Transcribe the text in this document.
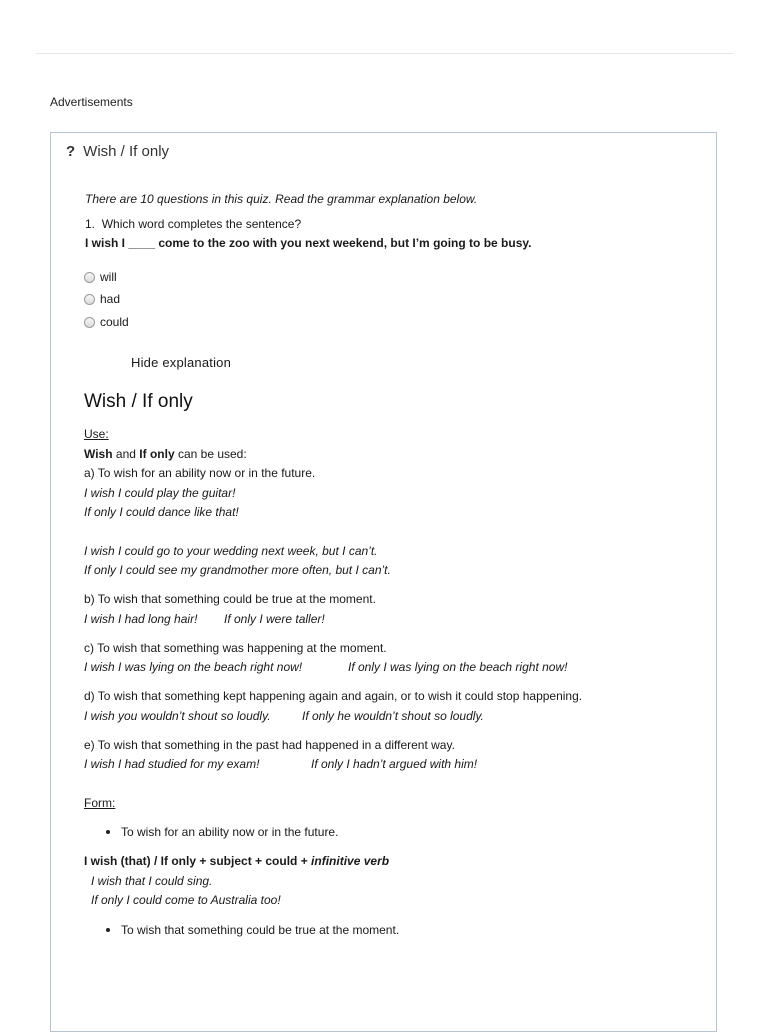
Advertisements
? Wish / If only
There are 10 questions in this quiz. Read the grammar explanation below.
1. Which word completes the sentence?
I wish I ____ come to the zoo with you next weekend, but I’m going to be busy.
will
had
could
Hide explanation
Wish / If only
Use:
Wish and If only can be used:
a) To wish for an ability now or in the future.
I wish I could play the guitar!
If only I could dance like that!
I wish I could go to your wedding next week, but I can’t.
If only I could see my grandmother more often, but I can’t.
b) To wish that something could be true at the moment.
I wish I had long hair! If only I were taller!
c) To wish that something was happening at the moment.
I wish I was lying on the beach right now!	If only I was lying on the beach right now!
d) To wish that something kept happening again and again, or to wish it could stop happening.
I wish you wouldn’t shout so loudly.	If only he wouldn’t shout so loudly.
e) To wish that something in the past had happened in a different way.
I wish I had studied for my exam!	If only I hadn’t argued with him!
Form:
To wish for an ability now or in the future.
I wish (that) / If only + subject + could + infinitive verb
I wish that I could sing.
If only I could come to Australia too!
To wish that something could be true at the moment.
